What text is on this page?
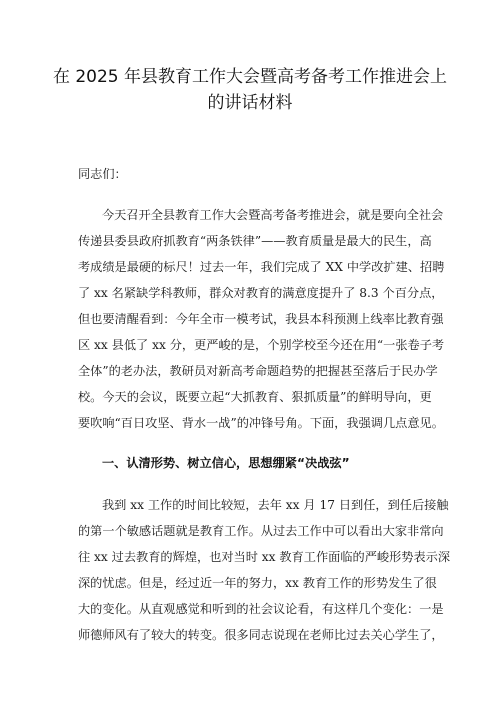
在 2025 年县教育工作大会暨高考备考工作推进会上
的讲话材料
同志们：
今天召开全县教育工作大会暨高考备考推进会，就是要向全社会
传递县委县政府抓教育“两条铁律”——教育质量是最大的民生，高
考成绩是最硬的标尺！过去一年，我们完成了 XX 中学改扩建、招聘
了 xx 名紧缺学科教师，群众对教育的满意度提升了 8.3 个百分点，
但也要清醒看到：今年全市一模考试，我县本科预测上线率比教育强
区 xx 县低了 xx 分，更严峻的是，个别学校至今还在用“一张卷子考
全体”的老办法，教研员对新高考命题趋势的把握甚至落后于民办学
校。今天的会议，既要立起“大抓教育、狠抓质量”的鲜明导向，更
要吹响“百日攻坚、背水一战”的冲锋号角。下面，我强调几点意见。
一、认清形势、树立信心，思想绷紧“决战弦”
我到 xx 工作的时间比较短，去年 xx 月 17 日到任，到任后接触
的第一个敏感话题就是教育工作。从过去工作中可以看出大家非常向
往 xx 过去教育的辉煌，也对当时 xx 教育工作面临的严峻形势表示深
深的忧虑。但是，经过近一年的努力，xx 教育工作的形势发生了很
大的变化。从直观感觉和听到的社会议论看，有这样几个变化：一是
师德师风有了较大的转变。很多同志说现在老师比过去关心学生了，
